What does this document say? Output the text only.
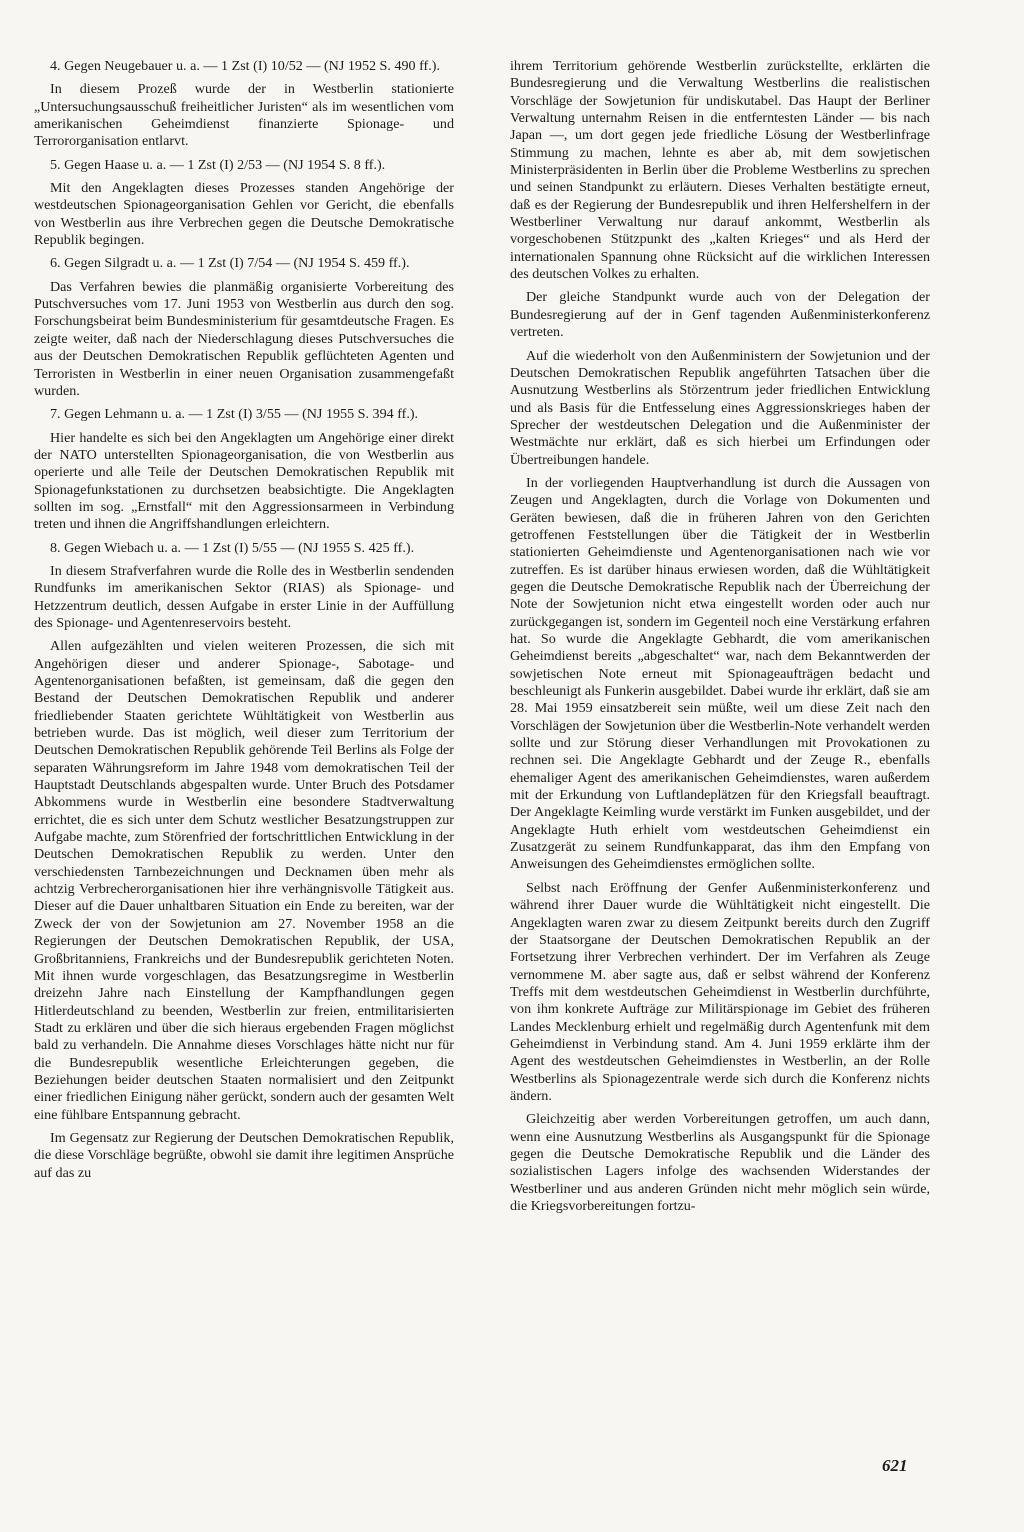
4. Gegen Neugebauer u. a. — 1 Zst (I) 10/52 — (NJ 1952 S. 490 ff.).

In diesem Prozeß wurde der in Westberlin stationierte „Untersuchungsausschuß freiheitlicher Juristen“ als im wesentlichen vom amerikanischen Geheimdienst finanzierte Spionage- und Terrororganisation entlarvt.

5. Gegen Haase u. a. — 1 Zst (I) 2/53 — (NJ 1954 S. 8 ff.).

Mit den Angeklagten dieses Prozesses standen Angehörige der westdeutschen Spionageorganisation Gehlen vor Gericht, die ebenfalls von Westberlin aus ihre Verbrechen gegen die Deutsche Demokratische Republik begingen.

6. Gegen Silgradt u. a. — 1 Zst (I) 7/54 — (NJ 1954 S. 459 ff.).

Das Verfahren bewies die planmäßig organisierte Vorbereitung des Putschversuches vom 17. Juni 1953 von Westberlin aus durch den sog. Forschungsbeirat beim Bundesministerium für gesamtdeutsche Fragen. Es zeigte weiter, daß nach der Niederschlagung dieses Putschversuches die aus der Deutschen Demokratischen Republik geflüchteten Agenten und Terroristen in Westberlin in einer neuen Organisation zusammengefaßt wurden.

7. Gegen Lehmann u. a. — 1 Zst (I) 3/55 — (NJ 1955 S. 394 ff.).

Hier handelte es sich bei den Angeklagten um Angehörige einer direkt der NATO unterstellten Spionageorganisation, die von Westberlin aus operierte und alle Teile der Deutschen Demokratischen Republik mit Spionagefunkstationen zu durchsetzen beabsichtigte. Die Angeklagten sollten im sog. „Ernstfall“ mit den Aggressionsarmeen in Verbindung treten und ihnen die Angriffshandlungen erleichtern.

8. Gegen Wiebach u. a. — 1 Zst (I) 5/55 — (NJ 1955 S. 425 ff.).

In diesem Strafverfahren wurde die Rolle des in Westberlin sendenden Rundfunks im amerikanischen Sektor (RIAS) als Spionage- und Hetzzentrum deutlich, dessen Aufgabe in erster Linie in der Auffüllung des Spionage- und Agentenreservoirs besteht.

Allen aufgezählten und vielen weiteren Prozessen, die sich mit Angehörigen dieser und anderer Spionage-, Sabotage- und Agentenorganisationen befaßten, ist gemeinsam, daß die gegen den Bestand der Deutschen Demokratischen Republik und anderer friedliebender Staaten gerichtete Wühltätigkeit von Westberlin aus betrieben wurde. Das ist möglich, weil dieser zum Territorium der Deutschen Demokratischen Republik gehörende Teil Berlins als Folge der separaten Währungsreform im Jahre 1948 vom demokratischen Teil der Hauptstadt Deutschlands abgespalten wurde. Unter Bruch des Potsdamer Abkommens wurde in Westberlin eine besondere Stadtverwaltung errichtet, die es sich unter dem Schutz westlicher Besatzungstruppen zur Aufgabe machte, zum Störenfried der fortschrittlichen Entwicklung in der Deutschen Demokratischen Republik zu werden. Unter den verschiedensten Tarnbezeichnungen und Decknamen üben mehr als achtzig Verbrecherorganisationen hier ihre verhängnisvolle Tätigkeit aus. Dieser auf die Dauer unhaltbaren Situation ein Ende zu bereiten, war der Zweck der von der Sowjetunion am 27. November 1958 an die Regierungen der Deutschen Demokratischen Republik, der USA, Großbritanniens, Frankreichs und der Bundesrepublik gerichteten Noten. Mit ihnen wurde vorgeschlagen, das Besatzungsregime in Westberlin dreizehn Jahre nach Einstellung der Kampfhandlungen gegen Hitlerdeutschland zu beenden, Westberlin zur freien, entmilitarisierten Stadt zu erklären und über die sich hieraus ergebenden Fragen möglichst bald zu verhandeln. Die Annahme dieses Vorschlages hätte nicht nur für die Bundesrepublik wesentliche Erleichterungen gegeben, die Beziehungen beider deutschen Staaten normalisiert und den Zeitpunkt einer friedlichen Einigung näher gerückt, sondern auch der gesamten Welt eine fühlbare Entspannung gebracht.

Im Gegensatz zur Regierung der Deutschen Demokratischen Republik, die diese Vorschläge begrüßte, obwohl sie damit ihre legitimen Ansprüche auf das zu

ihrem Territorium gehörende Westberlin zurückstellte, erklärten die Bundesregierung und die Verwaltung Westberlins die realistischen Vorschläge der Sowjetunion für undiskutabel. Das Haupt der Berliner Verwaltung unternahm Reisen in die entferntesten Länder — bis nach Japan —, um dort gegen jede friedliche Lösung der Westberlinfrage Stimmung zu machen, lehnte es aber ab, mit dem sowjetischen Ministerpräsidenten in Berlin über die Probleme Westberlins zu sprechen und seinen Standpunkt zu erläutern. Dieses Verhalten bestätigte erneut, daß es der Regierung der Bundesrepublik und ihren Helfershelfern in der Westberliner Verwaltung nur darauf ankommt, Westberlin als vorgeschobenen Stützpunkt des „kalten Krieges“ und als Herd der internationalen Spannung ohne Rücksicht auf die wirklichen Interessen des deutschen Volkes zu erhalten.

Der gleiche Standpunkt wurde auch von der Delegation der Bundesregierung auf der in Genf tagenden Außenministerkonferenz vertreten.

Auf die wiederholt von den Außenministern der Sowjetunion und der Deutschen Demokratischen Republik angeführten Tatsachen über die Ausnutzung Westberlins als Störzentrum jeder friedlichen Entwicklung und als Basis für die Entfesselung eines Aggressionskrieges haben der Sprecher der westdeutschen Delegation und die Außenminister der Westmächte nur erklärt, daß es sich hierbei um Erfindungen oder Übertreibungen handele.

In der vorliegenden Hauptverhandlung ist durch die Aussagen von Zeugen und Angeklagten, durch die Vorlage von Dokumenten und Geräten bewiesen, daß die in früheren Jahren von den Gerichten getroffenen Feststellungen über die Tätigkeit der in Westberlin stationierten Geheimdienste und Agentenorganisationen nach wie vor zutreffen. Es ist darüber hinaus erwiesen worden, daß die Wühltätigkeit gegen die Deutsche Demokratische Republik nach der Überreichung der Note der Sowjetunion nicht etwa eingestellt worden oder auch nur zurückgegangen ist, sondern im Gegenteil noch eine Verstärkung erfahren hat. So wurde die Angeklagte Gebhardt, die vom amerikanischen Geheimdienst bereits „abgeschaltet“ war, nach dem Bekanntwerden der sowjetischen Note erneut mit Spionageaufträgen bedacht und beschleunigt als Funkerin ausgebildet. Dabei wurde ihr erklärt, daß sie am 28. Mai 1959 einsatzbereit sein müßte, weil um diese Zeit nach den Vorschlägen der Sowjetunion über die Westberlin-Note verhandelt werden sollte und zur Störung dieser Verhandlungen mit Provokationen zu rechnen sei. Die Angeklagte Gebhardt und der Zeuge R., ebenfalls ehemaliger Agent des amerikanischen Geheimdienstes, waren außerdem mit der Erkundung von Luftlandeplätzen für den Kriegsfall beauftragt. Der Angeklagte Keimling wurde verstärkt im Funken ausgebildet, und der Angeklagte Huth erhielt vom westdeutschen Geheimdienst ein Zusatzgerät zu seinem Rundfunkapparat, das ihm den Empfang von Anweisungen des Geheimdienstes ermöglichen sollte.

Selbst nach Eröffnung der Genfer Außenministerkonferenz und während ihrer Dauer wurde die Wühltätigkeit nicht eingestellt. Die Angeklagten waren zwar zu diesem Zeitpunkt bereits durch den Zugriff der Staatsorgane der Deutschen Demokratischen Republik an der Fortsetzung ihrer Verbrechen verhindert. Der im Verfahren als Zeuge vernommene M. aber sagte aus, daß er selbst während der Konferenz Treffs mit dem westdeutschen Geheimdienst in Westberlin durchführte, von ihm konkrete Aufträge zur Militärspionage im Gebiet des früheren Landes Mecklenburg erhielt und regelmäßig durch Agentenfunk mit dem Geheimdienst in Verbindung stand. Am 4. Juni 1959 erklärte ihm der Agent des westdeutschen Geheimdienstes in Westberlin, an der Rolle Westberlins als Spionagezentrale werde sich durch die Konferenz nichts ändern.

Gleichzeitig aber werden Vorbereitungen getroffen, um auch dann, wenn eine Ausnutzung Westberlins als Ausgangspunkt für die Spionage gegen die Deutsche Demokratische Republik und die Länder des sozialistischen Lagers infolge des wachsenden Widerstandes der Westberliner und aus anderen Gründen nicht mehr möglich sein würde, die Kriegsvorbereitungen fortzu-

621
